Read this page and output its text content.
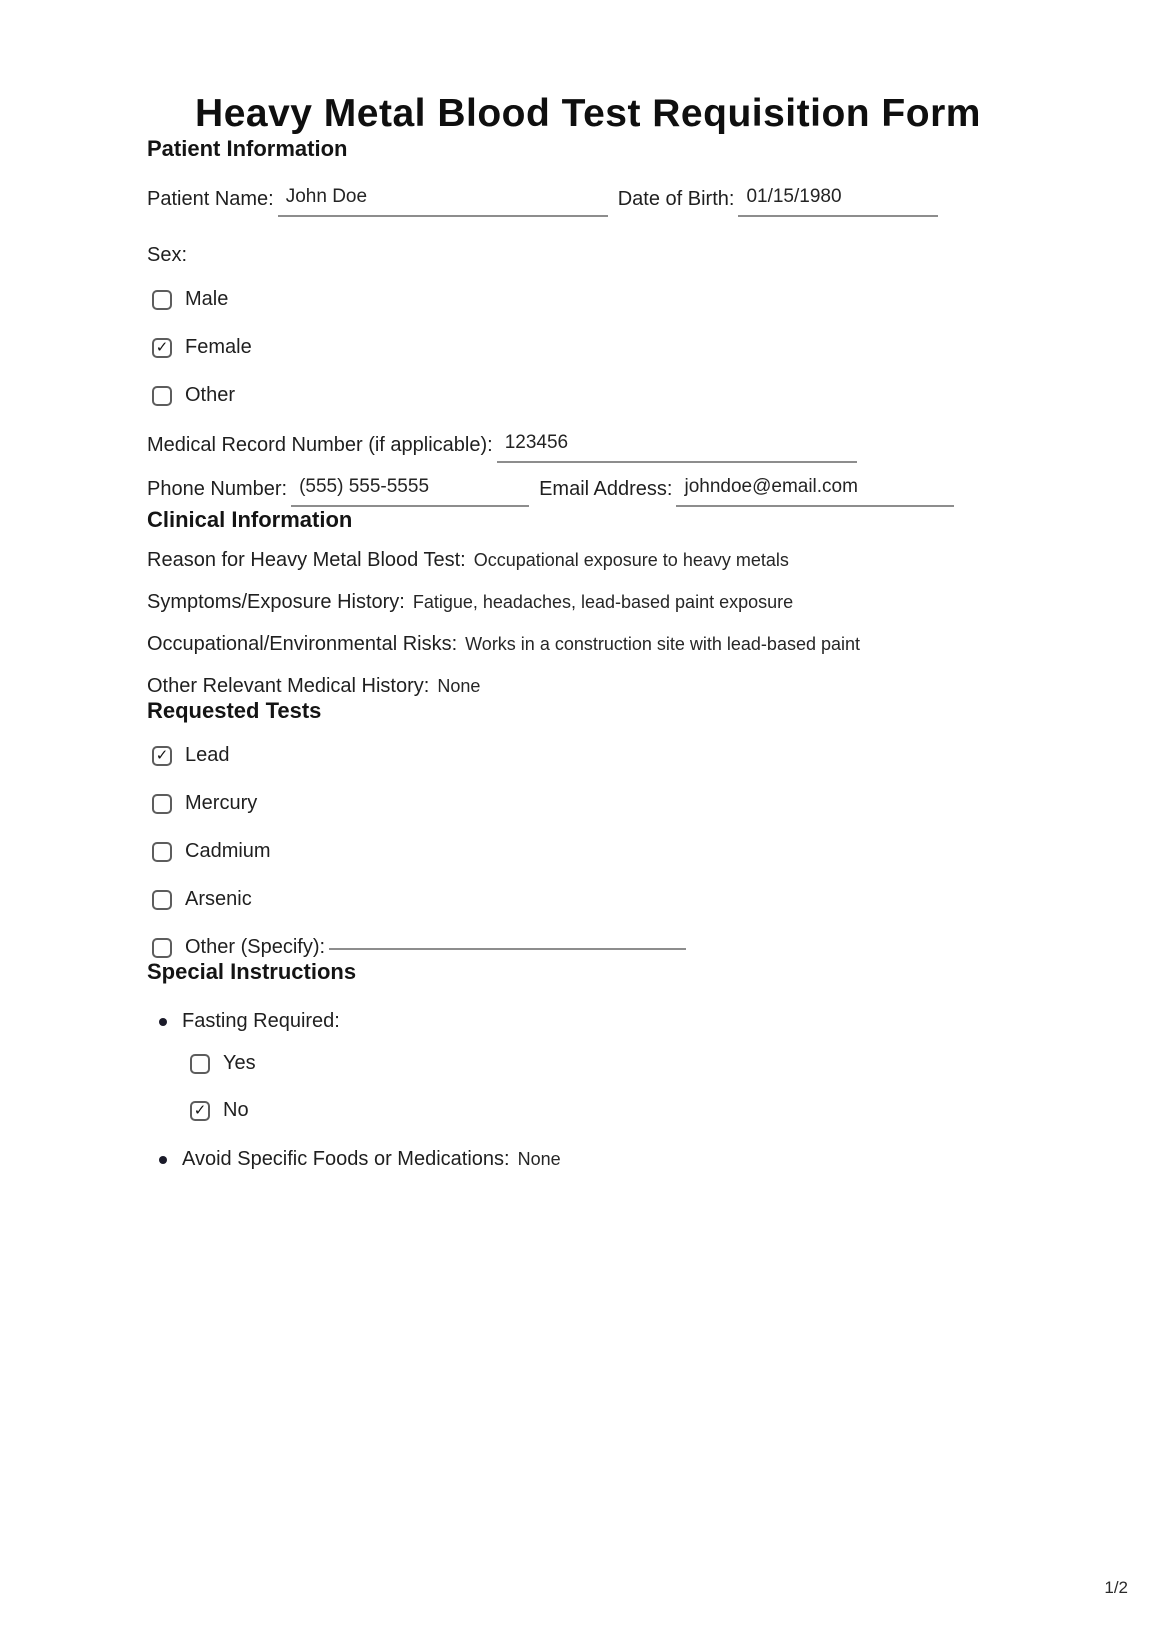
Heavy Metal Blood Test Requisition Form
Patient Information
Patient Name: John Doe	Date of Birth: 01/15/1980
Sex:
Male
✓
Female
Other
Medical Record Number (if applicable): 123456
Phone Number: (555) 555-5555	Email Address: johndoe@email.com
Clinical Information
Reason for Heavy Metal Blood Test: Occupational exposure to heavy metals
Symptoms/Exposure History: Fatigue, headaches, lead-based paint exposure
Occupational/Environmental Risks: Works in a construction site with lead-based paint
Other Relevant Medical History: None
Requested Tests
✓
Lead
Mercury
Cadmium
Arsenic
Other (Specify):
Special Instructions
Fasting Required:
Yes
✓
No
Avoid Specific Foods or Medications: None
1/2
